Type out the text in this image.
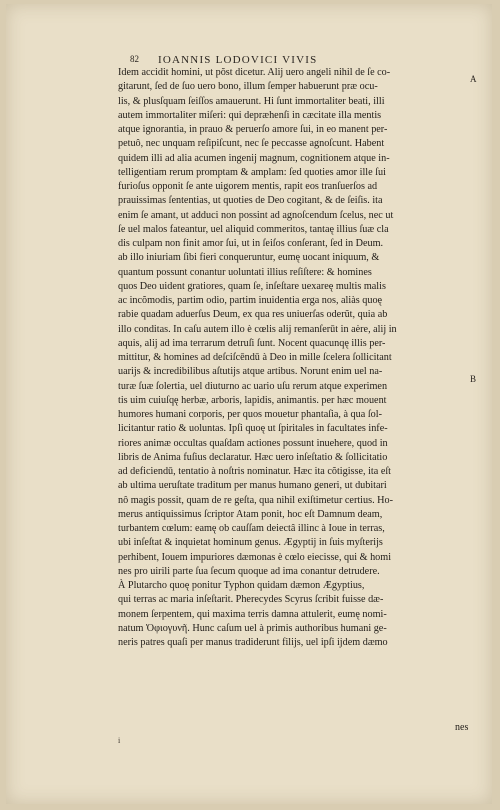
82 IOANNIS LODOVICI VIVIS
A
B
Idem accidit homini, ut pŏst dicetur. Alij uero angeli nihil de ſe co-
gitarunt, ſed de ſuo uero bono, illum ſemper habuerunt præ ocu-
lis, & plusſquam ſeiſſos amauerunt. Hi ſunt immortaliter beati, illi
autem immortaliter miſeri: qui depræhenſi in cæcitate illa mentis
atque ignorantia, in prauo & peruerſo amore ſui, in eo manent per-
petuô, nec unquam reſipiſcunt, nec ſe peccasse agnoſcunt. Habent
quidem illi ad alia acumen ingenij magnum, cognitionem atque in-
telligentiam rerum promptam & amplam: ſed quoties amor ille ſui
furioſus opponit ſe ante uigorem mentis, rapit eos tranſuerſos ad
prauissimas ſententias, ut quoties de Deo cogitant, & de ſeiſis. ita
enim ſe amant, ut adduci non possint ad agnoſcendum ſcelus, nec ut
ſe uel malos fateantur, uel aliquid commeritos, tantaę illius ſuæ cla
dis culpam non finit amor ſui, ut in ſeiſos conſerant, ſed in Deum.
ab illo iniuriam ſibi fieri conqueruntur, eumę uocant iniquum, &
quantum possunt conantur uoluntati illius reſiſtere: & homines
quos Deo uident gratiores, quam ſe, inſeſtare uexareę multis malis
ac incõmodis, partim odio, partim inuidentia erga nos, aliàs quoę
rabie quadam aduerſus Deum, ex qua res uniuerſas oderũt, quia ab
illo conditas. In caſu autem illo è cœlis alij remanſerūt in aėre, alij in
aquis, alij ad ima terrarum detruſi ſunt. Nocent quacunqę illis per-
mittitur, & homines ad deſciſcēndū à Deo in mille ſcelera ſollicitant
uarijs & incredibilibus aſtutijs atque artibus. Norunt enim uel na-
turæ ſuæ ſolertia, uel diuturno ac uario uſu rerum atque experimen
tis uim cuiuſqę herbæ, arboris, lapidis, animantis. per hæc mouent
humores humani corporis, per quos mouetur phantaſia, à qua ſol-
licitantur ratio & uoluntas. Ipſi quoę ut ſpiritales in facultates infe-
riores animæ occultas quaſdam actiones possunt inuehere, quod in
libris de Anima fuſius declaratur. Hæc uero inſeſtatio & ſollicitatio
ad deficiendū, tentatio à noſtris nominatur. Hæc ita cõtigisse, ita eſt
ab ultima ueruſtate traditum per manus humano generi, ut dubitari
nô magis possit, quam de re geſta, qua nihil exiſtimetur certius. Ho-
merus antiquissimus ſcriptor Atam ponit, hoc eſt Damnum deam,
turbantem cœlum: eamę ob cauſſam deiectâ illinc à Ioue in terras,
ubi inſeſtat & inquietat hominum genus. Ægyptij in ſuis myſterijs
perhibent, Iouem impuriores dæmonas è cœlo eiecisse, qui & homi
nes pro uirili parte ſua ſecum quoque ad ima conantur detrudere.
À Plutarcho quoę ponitur Typhon quidam dæmon Ægyptius,
qui terras ac maria inſeſtarit. Pherecydes Scyrus ſcribit fuisse dæ-
monem ſerpentem, qui maxima terris damna attulerit, eumę nomi-
natum Ὀφιογυνῆ. Hunc caſum uel à primis authoribus humani ge-
neris patres quaſi per manus tradiderunt filijs, uel ipſi ijdem dæmo
i
nes
